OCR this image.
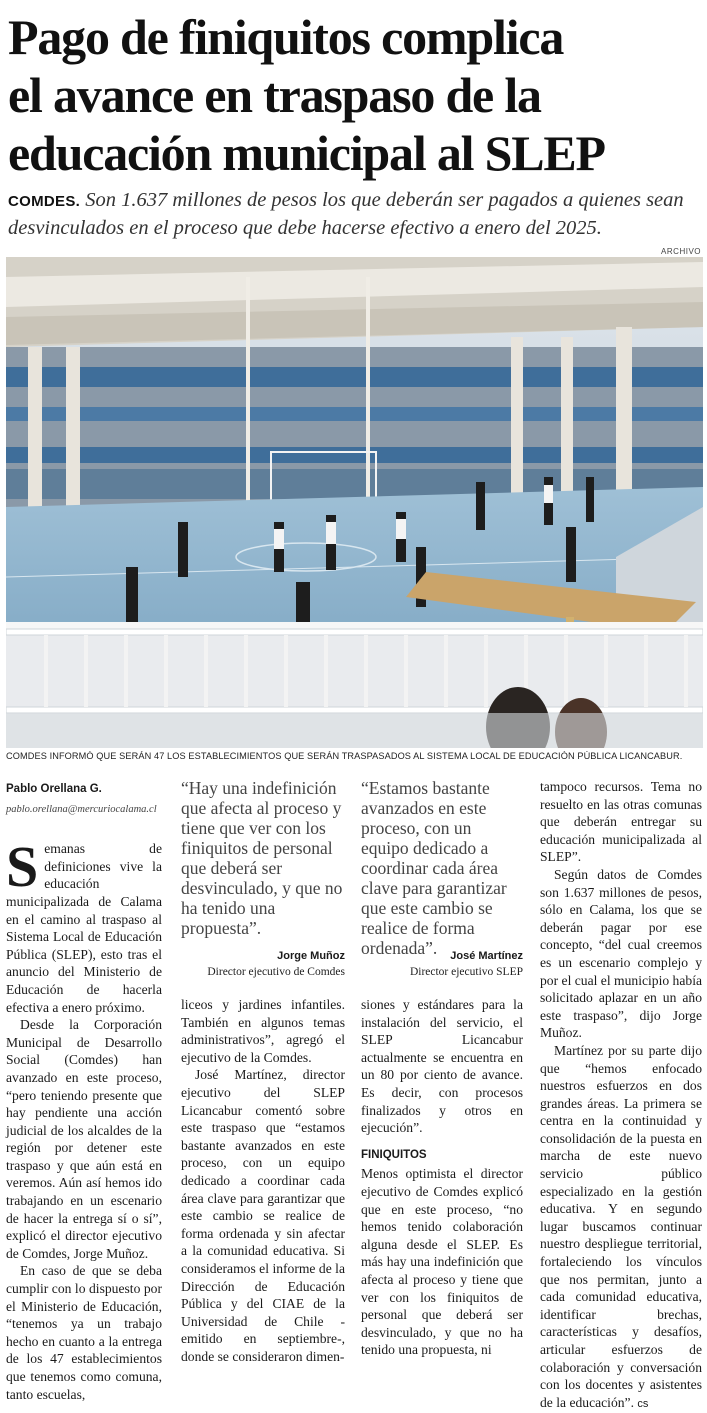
Pago de finiquitos complica
el avance en traspaso de la
educación municipal al SLEP
COMDES. Son 1.637 millones de pesos los que deberán ser pagados a quienes sean desvinculados en el proceso que debe hacerse efectivo a enero del 2025.
ARCHIVO
COMDES INFORMÓ QUE SERÁN 47 LOS ESTABLECIMIENTOS QUE SERÁN TRASPASADOS AL SISTEMA LOCAL DE EDUCACIÓN PÚBLICA LICANCABUR.
Pablo Orellana G.
pablo.orellana@mercuriocalama.cl

Semanas de definiciones vive la educación municipalizada de Calama en el camino al traspaso al Sistema Local de Educación Pública (SLEP), esto tras el anuncio del Ministerio de Educación de hacerla efectiva a enero próximo.

Desde la Corporación Municipal de Desarrollo Social (Comdes) han avanzado en este proceso, “pero teniendo presente que hay pendiente una acción judicial de los alcaldes de la región por detener este traspaso y que aún está en veremos. Aún así hemos ido trabajando en un escenario de hacer la entrega sí o sí”, explicó el director ejecutivo de Comdes, Jorge Muñoz.

En caso de que se deba cumplir con lo dispuesto por el Ministerio de Educación, “tenemos ya un trabajo hecho en cuanto a la entrega de los 47 establecimientos que tenemos como comuna, tanto escuelas,

“Hay una indefinición que afecta al proceso y tiene que ver con los finiquitos de personal que deberá ser desvinculado, y que no ha tenido una propuesta”.
Jorge Muñoz
Director ejecutivo de Comdes
“Estamos bastante avanzados en este proceso, con un equipo dedicado a coordinar cada área clave para garantizar que este cambio se realice de forma ordenada”.	José Martínez
Director ejecutivo SLEP

liceos y jardines infantiles. También en algunos temas administrativos”, agregó el ejecutivo de la Comdes.

José Martínez, director ejecutivo del SLEP Licancabur comentó sobre este traspaso que “estamos bastante avanzados en este proceso, con un equipo dedicado a coordinar cada área clave para garantizar que este cambio se realice de forma ordenada y sin afectar a la comunidad educativa. Si consideramos el informe de la Dirección de Educación Pública y del CIAE de la Universidad de Chile -emitido en septiembre-, donde se consideraron dimen-

siones y estándares para la instalación del servicio, el SLEP Licancabur actualmente se encuentra en un 80 por ciento de avance. Es decir, con procesos finalizados y otros en ejecución”.

FINIQUITOS

Menos optimista el director ejecutivo de Comdes explicó que en este proceso, “no hemos tenido colaboración alguna desde el SLEP. Es más hay una indefinición que afecta al proceso y tiene que ver con los finiquitos de personal que deberá ser desvinculado, y que no ha tenido una propuesta, ni

tampoco recursos. Tema no resuelto en las otras comunas que deberán entregar su educación municipalizada al SLEP”.

Según datos de Comdes son 1.637 millones de pesos, sólo en Calama, los que se deberán pagar por ese concepto, “del cual creemos es un escenario complejo y por el cual el municipio había solicitado aplazar en un año este traspaso”, dijo Jorge Muñoz.

Martínez por su parte dijo que “hemos enfocado nuestros esfuerzos en dos grandes áreas. La primera se centra en la continuidad y consolidación de la puesta en marcha de este nuevo servicio público especializado en la gestión educativa. Y en segundo lugar buscamos continuar nuestro despliegue territorial, fortaleciendo los vínculos que nos permitan, junto a cada comunidad educativa, identificar brechas, características y desafíos, articular esfuerzos de colaboración y conversación con los docentes y asistentes de la educación”. cs
